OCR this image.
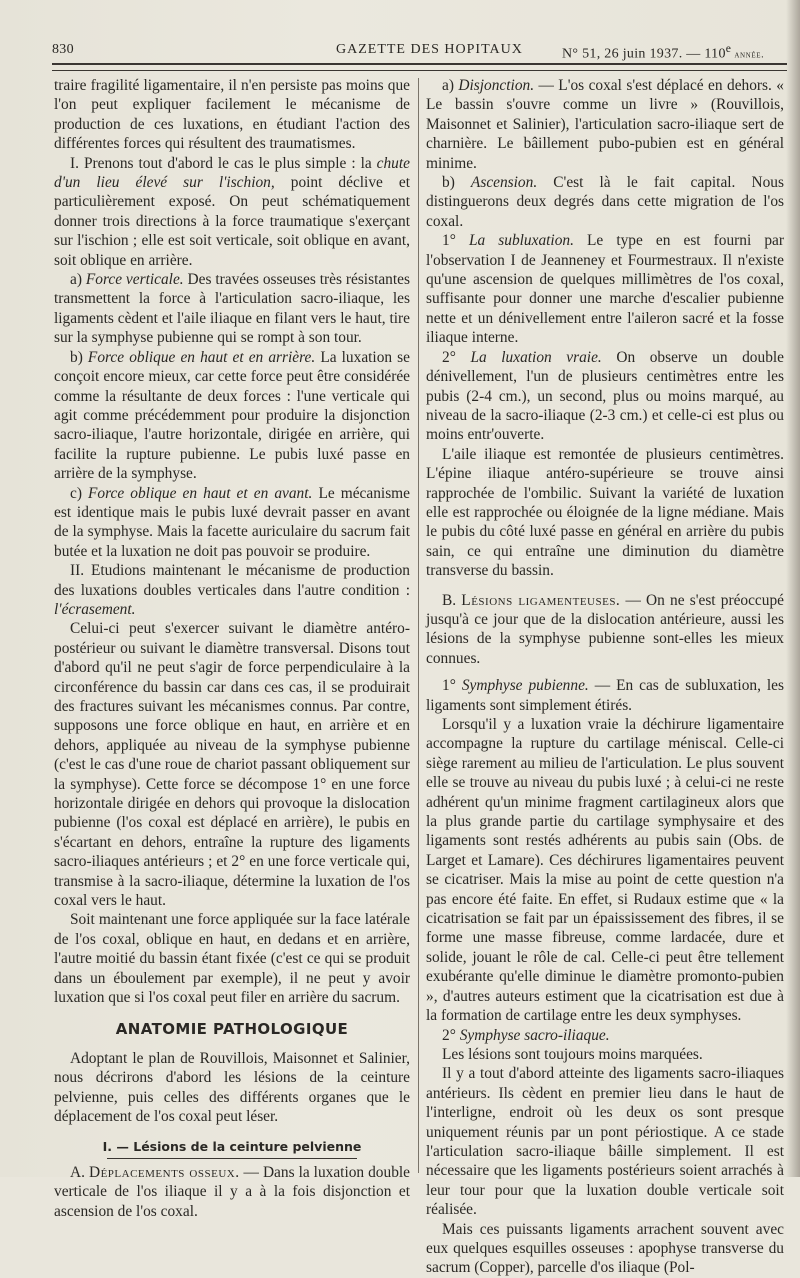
830	GAZETTE DES HOPITAUX	N° 51, 26 juin 1937. — 110e année.

traire fragilité ligamentaire, il n'en persiste pas moins que l'on peut expliquer facilement le mécanisme de production de ces luxations, en étudiant l'action des différentes forces qui résultent des traumatismes.

I. Prenons tout d'abord le cas le plus simple : la chute d'un lieu élevé sur l'ischion, point déclive et particulièrement exposé. On peut schématiquement donner trois directions à la force traumatique s'exerçant sur l'ischion ; elle est soit verticale, soit oblique en avant, soit oblique en arrière.

a) Force verticale. Des travées osseuses très résistantes transmettent la force à l'articulation sacro-iliaque, les ligaments cèdent et l'aile iliaque en filant vers le haut, tire sur la symphyse pubienne qui se rompt à son tour.

b) Force oblique en haut et en arrière. La luxation se conçoit encore mieux, car cette force peut être considérée comme la résultante de deux forces : l'une verticale qui agit comme précédemment pour produire la disjonction sacro-iliaque, l'autre horizontale, dirigée en arrière, qui facilite la rupture pubienne. Le pubis luxé passe en arrière de la symphyse.

c) Force oblique en haut et en avant. Le mécanisme est identique mais le pubis luxé devrait passer en avant de la symphyse. Mais la facette auriculaire du sacrum fait butée et la luxation ne doit pas pouvoir se produire.

II. Etudions maintenant le mécanisme de production des luxations doubles verticales dans l'autre condition : l'écrasement.

Celui-ci peut s'exercer suivant le diamètre antéro-postérieur ou suivant le diamètre transversal. Disons tout d'abord qu'il ne peut s'agir de force perpendiculaire à la circonférence du bassin car dans ces cas, il se produirait des fractures suivant les mécanismes connus. Par contre, supposons une force oblique en haut, en arrière et en dehors, appliquée au niveau de la symphyse pubienne (c'est le cas d'une roue de chariot passant obliquement sur la symphyse). Cette force se décompose 1° en une force horizontale dirigée en dehors qui provoque la dislocation pubienne (l'os coxal est déplacé en arrière), le pubis en s'écartant en dehors, entraîne la rupture des ligaments sacro-iliaques antérieurs ; et 2° en une force verticale qui, transmise à la sacro-iliaque, détermine la luxation de l'os coxal vers le haut.

Soit maintenant une force appliquée sur la face latérale de l'os coxal, oblique en haut, en dedans et en arrière, l'autre moitié du bassin étant fixée (c'est ce qui se produit dans un éboulement par exemple), il ne peut y avoir luxation que si l'os coxal peut filer en arrière du sacrum.

ANATOMIE PATHOLOGIQUE

Adoptant le plan de Rouvillois, Maisonnet et Salinier, nous décrirons d'abord les lésions de la ceinture pelvienne, puis celles des différents organes que le déplacement de l'os coxal peut léser.

I. — Lésions de la ceinture pelvienne

A. Déplacements osseux. — Dans la luxation double verticale de l'os iliaque il y a à la fois disjonction et ascension de l'os coxal.

a) Disjonction. — L'os coxal s'est déplacé en dehors. « Le bassin s'ouvre comme un livre » (Rouvillois, Maisonnet et Salinier), l'articulation sacro-iliaque sert de charnière. Le bâillement pubo-pubien est en général minime.

b) Ascension. C'est là le fait capital. Nous distinguerons deux degrés dans cette migration de l'os coxal.

1° La subluxation. Le type en est fourni par l'observation I de Jeanneney et Fourmestraux. Il n'existe qu'une ascension de quelques millimètres de l'os coxal, suffisante pour donner une marche d'escalier pubienne nette et un dénivellement entre l'aileron sacré et la fosse iliaque interne.

2° La luxation vraie. On observe un double dénivellement, l'un de plusieurs centimètres entre les pubis (2-4 cm.), un second, plus ou moins marqué, au niveau de la sacro-iliaque (2-3 cm.) et celle-ci est plus ou moins entr'ouverte.

L'aile iliaque est remontée de plusieurs centimètres. L'épine iliaque antéro-supérieure se trouve ainsi rapprochée de l'ombilic. Suivant la variété de luxation elle est rapprochée ou éloignée de la ligne médiane. Mais le pubis du côté luxé passe en général en arrière du pubis sain, ce qui entraîne une diminution du diamètre transverse du bassin.

B. Lésions ligamenteuses. — On ne s'est préoccupé jusqu'à ce jour que de la dislocation antérieure, aussi les lésions de la symphyse pubienne sont-elles les mieux connues.

1° Symphyse pubienne. — En cas de subluxation, les ligaments sont simplement étirés.

Lorsqu'il y a luxation vraie la déchirure ligamentaire accompagne la rupture du cartilage méniscal. Celle-ci siège rarement au milieu de l'articulation. Le plus souvent elle se trouve au niveau du pubis luxé ; à celui-ci ne reste adhérent qu'un minime fragment cartilagineux alors que la plus grande partie du cartilage symphysaire et des ligaments sont restés adhérents au pubis sain (Obs. de Larget et Lamare). Ces déchirures ligamentaires peuvent se cicatriser. Mais la mise au point de cette question n'a pas encore été faite. En effet, si Rudaux estime que « la cicatrisation se fait par un épaississement des fibres, il se forme une masse fibreuse, comme lardacée, dure et solide, jouant le rôle de cal. Celle-ci peut être tellement exubérante qu'elle diminue le diamètre promonto-pubien », d'autres auteurs estiment que la cicatrisation est due à la formation de cartilage entre les deux symphyses.

2° Symphyse sacro-iliaque.

Les lésions sont toujours moins marquées.

Il y a tout d'abord atteinte des ligaments sacro-iliaques antérieurs. Ils cèdent en premier lieu dans le haut de l'interligne, endroit où les deux os sont presque uniquement réunis par un pont périostique. A ce stade l'articulation sacro-iliaque bâille simplement. Il est nécessaire que les ligaments postérieurs soient arrachés à leur tour pour que la luxation double verticale soit réalisée.

Mais ces puissants ligaments arrachent souvent avec eux quelques esquilles osseuses : apophyse transverse du sacrum (Copper), parcelle d'os iliaque (Pol-
